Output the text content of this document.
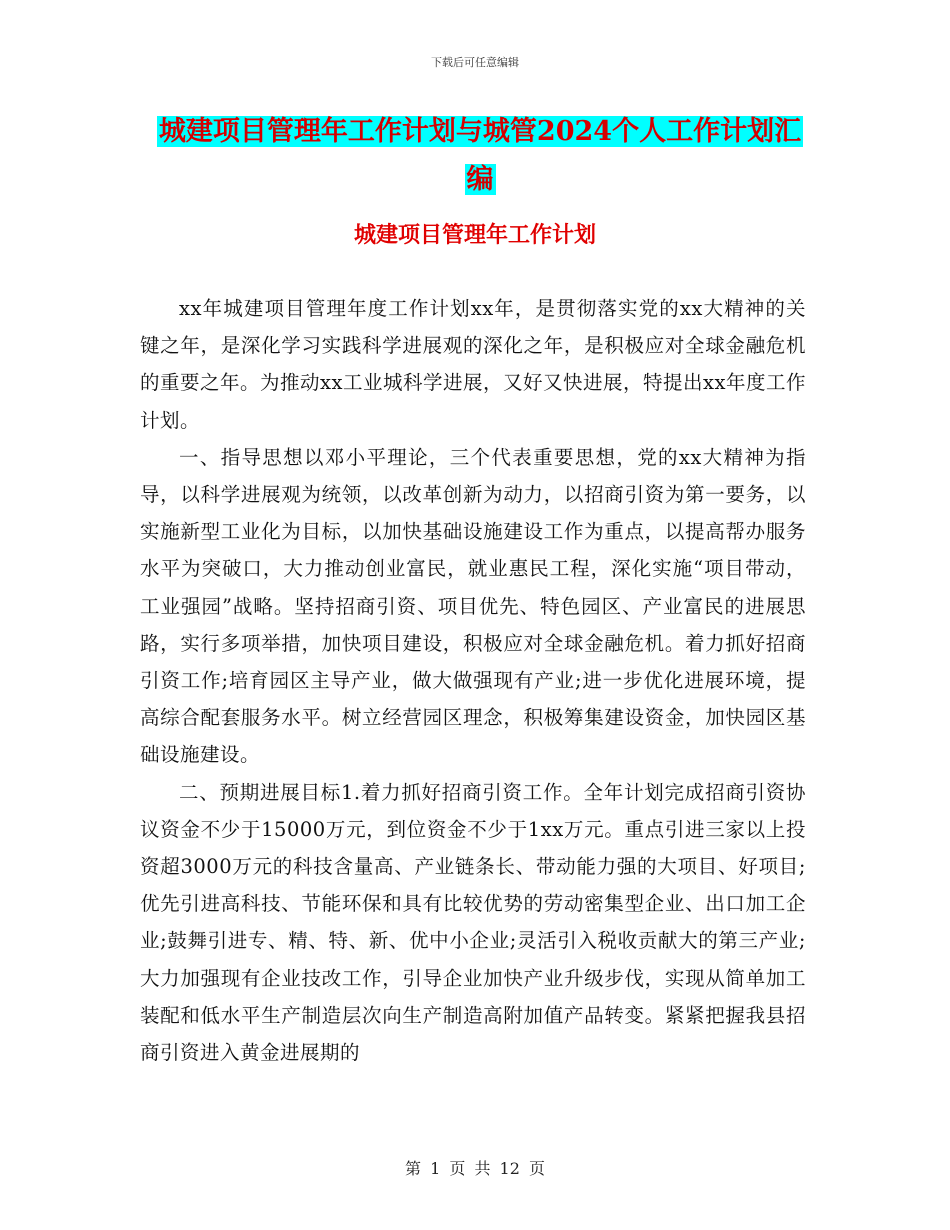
下载后可任意编辑
城建项目管理年工作计划与城管2024个人工作计划汇
编
城建项目管理年工作计划

xx年城建项目管理年度工作计划xx年，是贯彻落实党的xx大精神的关键之年，是深化学习实践科学进展观的深化之年，是积极应对全球金融危机的重要之年。为推动xx工业城科学进展，又好又快进展，特提出xx年度工作计划。

一、指导思想以邓小平理论，三个代表重要思想，党的xx大精神为指导，以科学进展观为统领，以改革创新为动力，以招商引资为第一要务，以实施新型工业化为目标，以加快基础设施建设工作为重点，以提高帮办服务水平为突破口，大力推动创业富民，就业惠民工程，深化实施“项目带动，工业强园”战略。坚持招商引资、项目优先、特色园区、产业富民的进展思路，实行多项举措，加快项目建设，积极应对全球金融危机。着力抓好招商引资工作;培育园区主导产业，做大做强现有产业;进一步优化进展环境，提高综合配套服务水平。树立经营园区理念，积极筹集建设资金，加快园区基础设施建设。

二、预期进展目标1.着力抓好招商引资工作。全年计划完成招商引资协议资金不少于15000万元，到位资金不少于1xx万元。重点引进三家以上投资超3000万元的科技含量高、产业链条长、带动能力强的大项目、好项目;优先引进高科技、节能环保和具有比较优势的劳动密集型企业、出口加工企业;鼓舞引进专、精、特、新、优中小企业;灵活引入税收贡献大的第三产业;大力加强现有企业技改工作，引导企业加快产业升级步伐，实现从简单加工装配和低水平生产制造层次向生产制造高附加值产品转变。紧紧把握我县招商引资进入黄金进展期的

第 1 页 共 12 页
